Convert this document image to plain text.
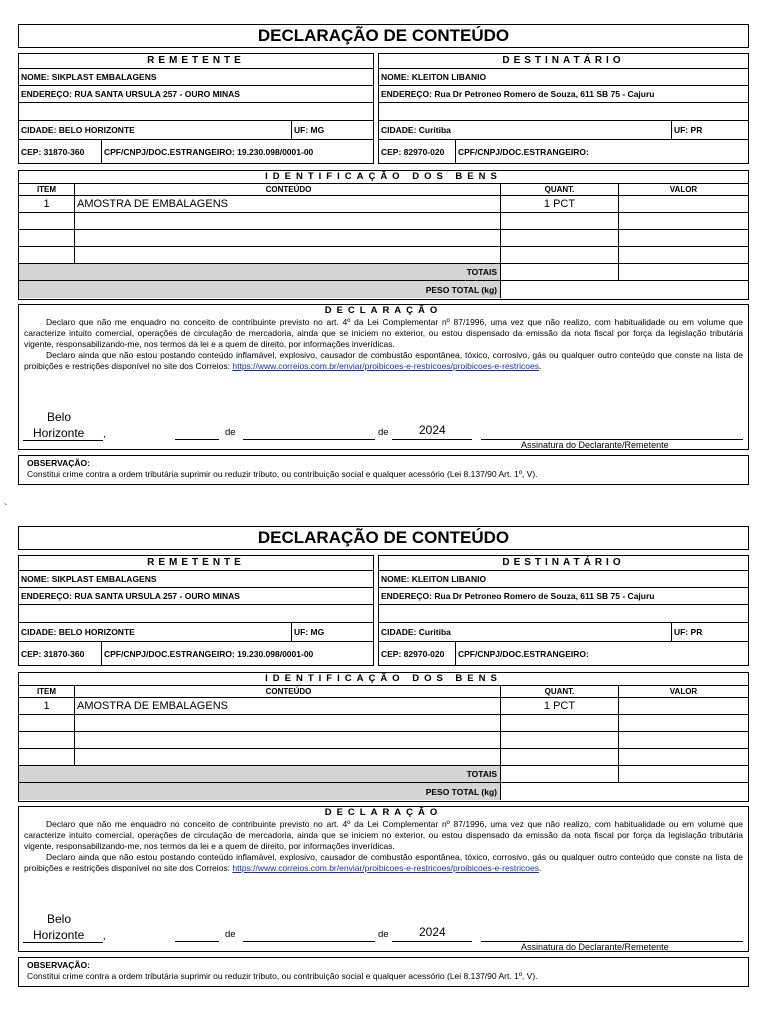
DECLARAÇÃO DE CONTEÚDO
REMETENTE
NOME: SIKPLAST EMBALAGENS
ENDEREÇO: RUA SANTA URSULA 257 - OURO MINAS
CIDADE: BELO HORIZONTE	UF: MG
CEP: 31870-360	CPF/CNPJ/DOC.ESTRANGEIRO: 19.230.098/0001-00
DESTINATÁRIO
NOME: KLEITON LIBANIO
ENDEREÇO: Rua Dr Petroneo Romero de Souza, 611 SB 75 - Cajuru
CIDADE: Curitiba	UF: PR
CEP: 82970-020	CPF/CNPJ/DOC.ESTRANGEIRO:
IDENTIFICAÇÃO DOS BENS
ITEM	CONTEÚDO	QUANT.	VALOR
1	AMOSTRA DE EMBALAGENS	1 PCT
TOTAIS
PESO TOTAL (kg)
DECLARAÇÃO

Declaro que não me enquadro no conceito de contribuinte previsto no art. 4º da Lei Complementar nº 87/1996, uma vez que não realizo, com habitualidade ou em volume que caracterize intuito comercial, operações de circulação de mercadoria, ainda que se iniciem no exterior, ou estou dispensado da emissão da nota fiscal por força da legislação tributária vigente, responsabilizando-me, nos termos da lei e a quem de direito, por informações inverídicas.

Declaro ainda que não estou postando conteúdo inflamável, explosivo, causador de combustão espontânea, tóxico, corrosivo, gás ou qualquer outro conteúdo que conste na lista de proibições e restrições disponível no site dos Correios: https://www.correios.com.br/enviar/proibicoes-e-restricoes/proibicoes-e-restricoes.

Belo
Horizonte	,	de	de	2024
Assinatura do Declarante/Remetente
OBSERVAÇÃO:
Constitui crime contra a ordem tributária suprimir ou reduzir tributo, ou contribuição social e qualquer acessório (Lei 8.137/90 Art. 1º, V).
`
DECLARAÇÃO DE CONTEÚDO
REMETENTE
NOME: SIKPLAST EMBALAGENS
ENDEREÇO: RUA SANTA URSULA 257 - OURO MINAS
CIDADE: BELO HORIZONTE	UF: MG
CEP: 31870-360	CPF/CNPJ/DOC.ESTRANGEIRO: 19.230.098/0001-00
DESTINATÁRIO
NOME: KLEITON LIBANIO
ENDEREÇO: Rua Dr Petroneo Romero de Souza, 611 SB 75 - Cajuru
CIDADE: Curitiba	UF: PR
CEP: 82970-020	CPF/CNPJ/DOC.ESTRANGEIRO:
IDENTIFICAÇÃO DOS BENS
ITEM	CONTEÚDO	QUANT.	VALOR
1	AMOSTRA DE EMBALAGENS	1 PCT
TOTAIS
PESO TOTAL (kg)
DECLARAÇÃO

Declaro que não me enquadro no conceito de contribuinte previsto no art. 4º da Lei Complementar nº 87/1996, uma vez que não realizo, com habitualidade ou em volume que caracterize intuito comercial, operações de circulação de mercadoria, ainda que se iniciem no exterior, ou estou dispensado da emissão da nota fiscal por força da legislação tributária vigente, responsabilizando-me, nos termos da lei e a quem de direito, por informações inverídicas.

Declaro ainda que não estou postando conteúdo inflamável, explosivo, causador de combustão espontânea, tóxico, corrosivo, gás ou qualquer outro conteúdo que conste na lista de proibições e restrições disponível no site dos Correios: https://www.correios.com.br/enviar/proibicoes-e-restricoes/proibicoes-e-restricoes.

Belo
Horizonte	,	de	de	2024
Assinatura do Declarante/Remetente
OBSERVAÇÃO:
Constitui crime contra a ordem tributária suprimir ou reduzir tributo, ou contribuição social e qualquer acessório (Lei 8.137/90 Art. 1º, V).
